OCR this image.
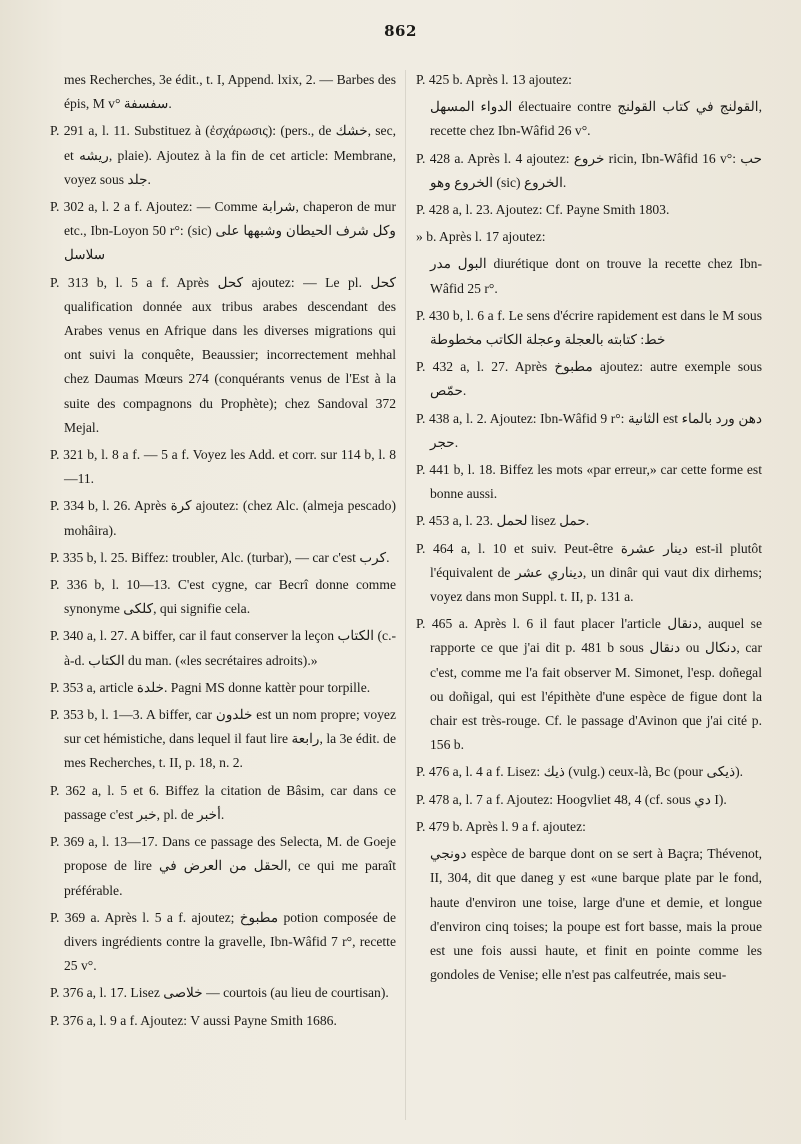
862

mes Recherches, 3e édit., t. I, Append. lxix, 2. — Barbes des épis, M v° سفسفة.

P. 291 a, l. 11. Substituez à (ἐσχάρωσις): (pers., de خشك, sec, et ريشه, plaie). Ajoutez à la fin de cet article: Membrane, voyez sous جلد.

P. 302 a, l. 2 a f. Ajoutez: — Comme شرابة, chaperon de mur etc., Ibn-Loyon 50 r°: (sic) وكل شرف الحيطان وشبهها على سلاسل

P. 313 b, l. 5 a f. Après كحل ajoutez: — Le pl. كحل qualification donnée aux tribus arabes descendant des Arabes venus en Afrique dans les diverses migrations qui ont suivi la conquête, Beaussier; incorrectement mehhal chez Daumas Mœurs 274 (conquérants venus de l'Est à la suite des compagnons du Prophète); chez Sandoval 372 Mejal.

P. 321 b, l. 8 a f. — 5 a f. Voyez les Add. et corr. sur 114 b, l. 8—11.

P. 334 b, l. 26. Après كرة ajoutez: (chez Alc. (almeja pescado) mohâira).

P. 335 b, l. 25. Biffez: troubler, Alc. (turbar), — car c'est كرب.

P. 336 b, l. 10—13. C'est cygne, car Becrî donne comme synonyme كلكى, qui signifie cela.

P. 340 a, l. 27. A biffer, car il faut conserver la leçon الكتاب (c.-à-d. الكتاب du man. («les secrétaires adroits).»

P. 353 a, article خلدة. Pagni MS donne kattèr pour torpille.

P. 353 b, l. 1—3. A biffer, car خلدون est un nom propre; voyez sur cet hémistiche, dans lequel il faut lire رابعة, la 3e édit. de mes Recherches, t. II, p. 18, n. 2.

P. 362 a, l. 5 et 6. Biffez la citation de Bâsim, car dans ce passage c'est خبر, pl. de أخبر.

P. 369 a, l. 13—17. Dans ce passage des Selecta, M. de Goeje propose de lire الحقل من العرض في, ce qui me paraît préférable.

P. 369 a. Après l. 5 a f. ajoutez; مطبوخ potion composée de divers ingrédients contre la gravelle, Ibn-Wâfid 7 r°, recette 25 v°.

P. 376 a, l. 17. Lisez خلاصى — courtois (au lieu de courtisan).

P. 376 a, l. 9 a f. Ajoutez: V aussi Payne Smith 1686.

P. 425 b. Après l. 13 ajoutez:

الدواء المسهل électuaire contre القولنج في كتاب القولنج, recette chez Ibn-Wâfid 26 v°.

P. 428 a. Après l. 4 ajoutez: خروع ricin, Ibn-Wâfid 16 v°: حب الخروع وهو (sic) الخروع.

P. 428 a, l. 23. Ajoutez: Cf. Payne Smith 1803.

» b. Après l. 17 ajoutez:

البول مدر diurétique dont on trouve la recette chez Ibn-Wâfid 25 r°.

P. 430 b, l. 6 a f. Le sens d'écrire rapidement est dans le M sous خط: كتابته بالعجلة وعجلة الكاتب مخطوطة

P. 432 a, l. 27. Après مطبوخ ajoutez: autre exemple sous حمّص.

P. 438 a, l. 2. Ajoutez: Ibn-Wâfid 9 r°: الثانية est دهن ورد بالماء حجر.

P. 441 b, l. 18. Biffez les mots «par erreur,» car cette forme est bonne aussi.

P. 453 a, l. 23. لحمل lisez حمل.

P. 464 a, l. 10 et suiv. Peut-être دينار عشرة est-il plutôt l'équivalent de ديناري عشر, un dinâr qui vaut dix dirhems; voyez dans mon Suppl. t. II, p. 131 a.

P. 465 a. Après l. 6 il faut placer l'article دنقال, auquel se rapporte ce que j'ai dit p. 481 b sous دنقال ou دنكال, car c'est, comme me l'a fait observer M. Simonet, l'esp. doñegal ou doñigal, qui est l'épithète d'une espèce de figue dont la chair est très-rouge. Cf. le passage d'Avinon que j'ai cité p. 156 b.

P. 476 a, l. 4 a f. Lisez: ذيك (vulg.) ceux-là, Bc (pour ذيكى).

P. 478 a, l. 7 a f. Ajoutez: Hoogvliet 48, 4 (cf. sous دي I).

P. 479 b. Après l. 9 a f. ajoutez:

دونجي espèce de barque dont on se sert à Baçra; Thévenot, II, 304, dit que daneg y est «une barque plate par le fond, haute d'environ une toise, large d'une et demie, et longue d'environ cinq toises; la poupe est fort basse, mais la proue est une fois aussi haute, et finit en pointe comme les gondoles de Venise; elle n'est pas calfeutrée, mais seu-
